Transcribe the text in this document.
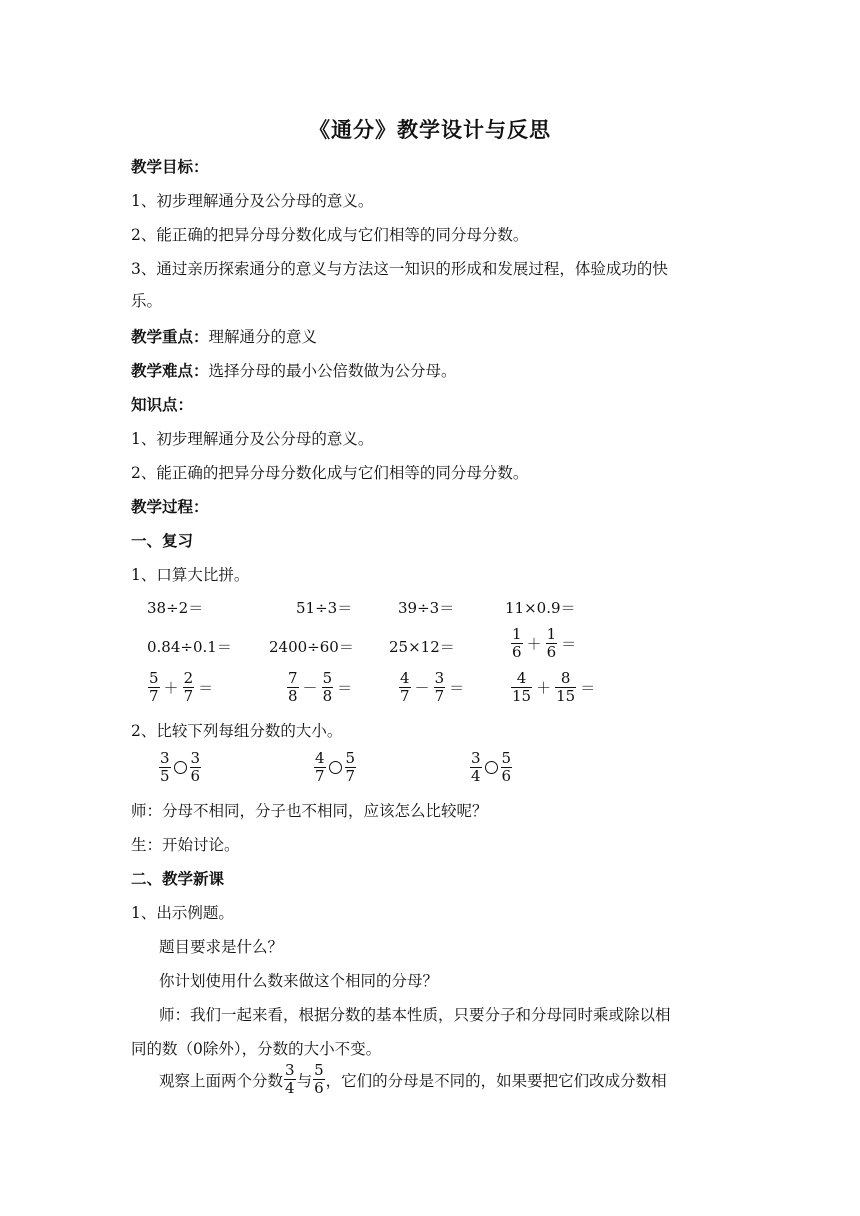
《通分》教学设计与反思
教学目标：
1、初步理解通分及公分母的意义。
2、能正确的把异分母分数化成与它们相等的同分母分数。
3、通过亲历探索通分的意义与方法这一知识的形成和发展过程，体验成功的快
乐。
教学重点：理解通分的意义
教学难点：选择分母的最小公倍数做为公分母。
知识点：
1、初步理解通分及公分母的意义。
2、能正确的把异分母分数化成与它们相等的同分母分数。
教学过程：
一、复习
1、口算大比拼。
38÷2＝	51÷3＝	39÷3＝	11×0.9＝
0.84÷0.1＝ 2400÷60＝ 25×12＝	$\frac{1}{6} + \frac{1}{6}$ ＝
$\frac{5}{7} + \frac{2}{7}$ ＝	$\frac{7}{8} - \frac{5}{8}$ ＝	$\frac{4}{7} - \frac{3}{7}$ ＝	$\frac{4}{15} + \frac{8}{15}$ ＝
2、比较下列每组分数的大小。
$\frac{3}{5} \frac{3}{6}$	$\frac{4}{7} \frac{5}{7}$	$\frac{3}{4} \frac{5}{6}$
师：分母不相同，分子也不相同，应该怎么比较呢？
生：开始讨论。
二、教学新课
1、出示例题。
题目要求是什么？
你计划使用什么数来做这个相同的分母？
师：我们一起来看，根据分数的基本性质，只要分子和分母同时乘或除以相
同的数（0除外），分数的大小不变。
观察上面两个分数 $\frac{3}{4}$ 与 $\frac{5}{6}$ ，它们的分母是不同的，如果要把它们改成分数相
